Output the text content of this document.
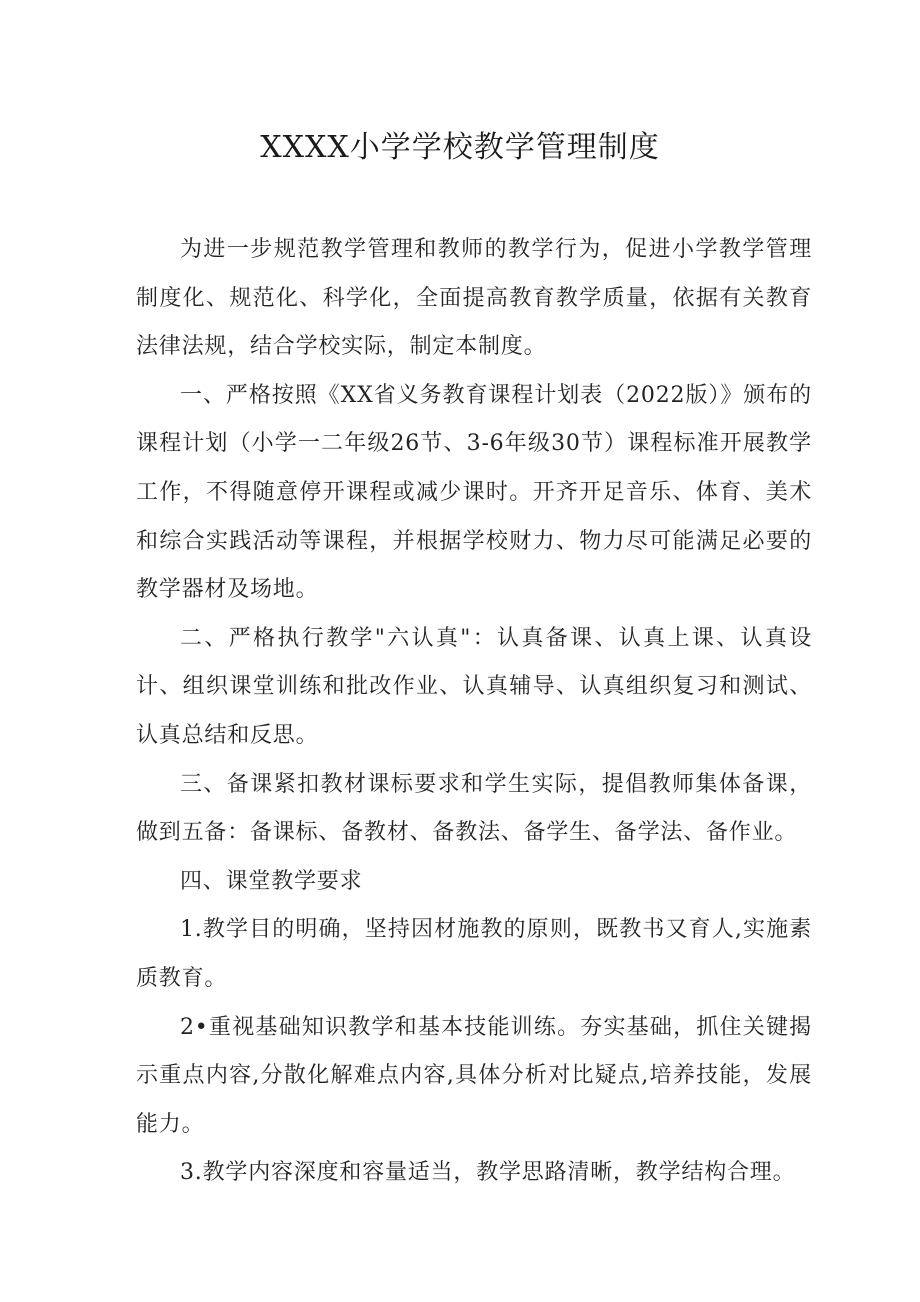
XXXX小学学校教学管理制度

为进一步规范教学管理和教师的教学行为，促进小学教学管理制度化、规范化、科学化，全面提高教育教学质量，依据有关教育法律法规，结合学校实际，制定本制度。

一、严格按照《XX省义务教育课程计划表（2022版）》颁布的课程计划（小学一二年级26节、3-6年级30节）课程标准开展教学工作，不得随意停开课程或减少课时。开齐开足音乐、体育、美术和综合实践活动等课程，并根据学校财力、物力尽可能满足必要的教学器材及场地。

二、严格执行教学"六认真"：认真备课、认真上课、认真设计、组织课堂训练和批改作业、认真辅导、认真组织复习和测试、认真总结和反思。

三、备课紧扣教材课标要求和学生实际，提倡教师集体备课，做到五备：备课标、备教材、备教法、备学生、备学法、备作业。

四、课堂教学要求

1.教学目的明确，坚持因材施教的原则，既教书又育人,实施素质教育。

2•重视基础知识教学和基本技能训练。夯实基础，抓住关键揭示重点内容,分散化解难点内容,具体分析对比疑点,培养技能，发展能力。

3.教学内容深度和容量适当，教学思路清晰，教学结构合理。
